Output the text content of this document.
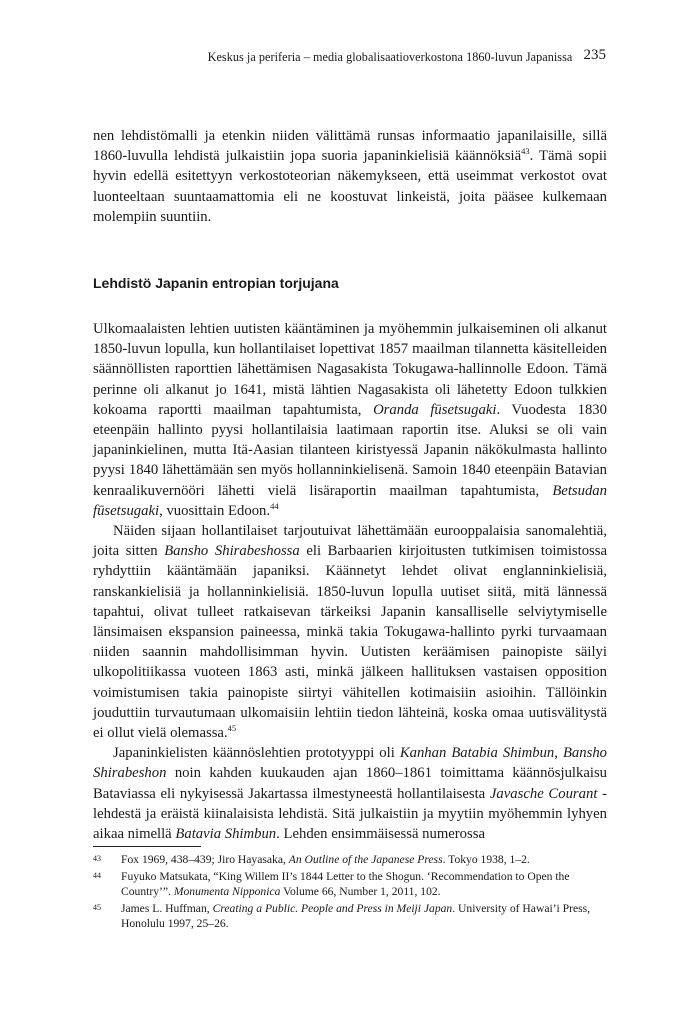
Keskus ja periferia – media globalisaatioverkostona 1860-luvun Japanissa 235

nen lehdistömalli ja etenkin niiden välittämä runsas informaatio japanilaisille, sillä 1860-luvulla lehdistä julkaistiin jopa suoria japaninkielisiä käännöksiä$^{43}$. Tämä sopii hyvin edellä esitettyyn verkostoteorian näkemykseen, että useimmat verkostot ovat luonteeltaan suuntaamattomia eli ne koostuvat linkeistä, joita pääsee kulkemaan molempiin suuntiin.

Lehdistö Japanin entropian torjujana

Ulkomaalaisten lehtien uutisten kääntäminen ja myöhemmin julkaiseminen oli alkanut 1850-luvun lopulla, kun hollantilaiset lopettivat 1857 maailman tilannetta käsitelleiden säännöllisten raporttien lähettämisen Nagasakista Tokugawa-hallinnolle Edoon. Tämä perinne oli alkanut jo 1641, mistä lähtien Nagasakista oli lähetetty Edoon tulkkien kokoama raportti maailman tapahtumista, Oranda fūsetsugaki. Vuodesta 1830 eteenpäin hallinto pyysi hollantilaisia laatimaan raportin itse. Aluksi se oli vain japaninkielinen, mutta Itä-Aasian tilanteen kiristyessä Japanin näkökulmasta hallinto pyysi 1840 lähettämään sen myös hollanninkielisenä. Samoin 1840 eteenpäin Batavian kenraalikuvernööri lähetti vielä lisäraportin maailman tapahtumista, Betsudan fūsetsugaki, vuosittain Edoon.$^{44}$

Näiden sijaan hollantilaiset tarjoutuivat lähettämään eurooppalaisia sanomalehtiä, joita sitten Bansho Shirabeshossa eli Barbaarien kirjoitusten tutkimisen toimistossa ryhdyttiin kääntämään japaniksi. Käännetyt lehdet olivat englanninkielisiä, ranskankielisiä ja hollanninkielisiä. 1850-luvun lopulla uutiset siitä, mitä lännessä tapahtui, olivat tulleet ratkaisevan tärkeiksi Japanin kansalliselle selviytymiselle länsimaisen ekspansion paineessa, minkä takia Tokugawa-hallinto pyrki turvaamaan niiden saannin mahdollisimman hyvin. Uutisten keräämisen painopiste säilyi ulkopolitiikassa vuoteen 1863 asti, minkä jälkeen hallituksen vastaisen opposition voimistumisen takia painopiste siirtyi vähitellen kotimaisiin asioihin. Tällöinkin jouduttiin turvautumaan ulkomaisiin lehtiin tiedon lähteinä, koska omaa uutisvälitystä ei ollut vielä olemassa.$^{45}$

Japaninkielisten käännöslehtien prototyyppi oli Kanhan Batabia Shimbun, Bansho Shirabeshon noin kahden kuukauden ajan 1860–1861 toimittama käännösjulkaisu Bataviassa eli nykyisessä Jakartassa ilmestyneestä hollantilaisesta Javasche Courant -lehdestä ja eräistä kiinalaisista lehdistä. Sitä julkaistiin ja myytiin myöhemmin lyhyen aikaa nimellä Batavia Shimbun. Lehden ensimmäisessä numerossa

43	Fox 1969, 438–439; Jiro Hayasaka, An Outline of the Japanese Press. Tokyo 1938, 1–2.
44	Fuyuko Matsukata, “King Willem II’s 1844 Letter to the Shogun. ‘Recommendation to Open the Country’”. Monumenta Nipponica Volume 66, Number 1, 2011, 102.
45	James L. Huffman, Creating a Public. People and Press in Meiji Japan. University of Hawai’i Press, Honolulu 1997, 25–26.
